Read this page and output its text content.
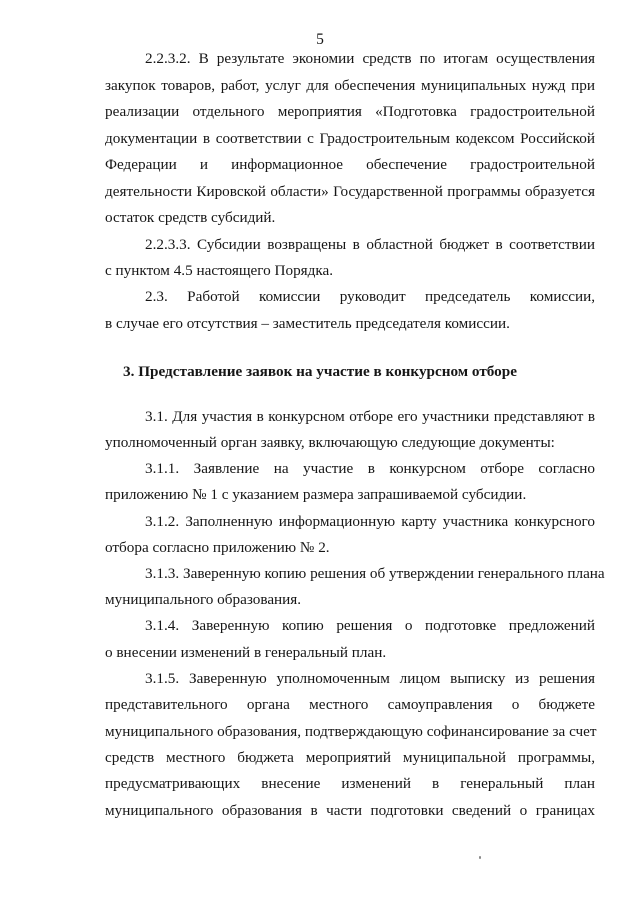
5
2.2.3.2. В результате экономии средств по итогам осуществления
закупок товаров, работ, услуг для обеспечения муниципальных нужд при
реализации отдельного мероприятия «Подготовка градостроительной
документации в соответствии с Градостроительным кодексом Российской
Федерации и информационное обеспечение градостроительной
деятельности Кировской области» Государственной программы образуется
остаток средств субсидий.
2.2.3.3. Субсидии возвращены в областной бюджет в соответствии
с пунктом 4.5 настоящего Порядка.
2.3. Работой комиссии руководит председатель комиссии,
в случае его отсутствия – заместитель председателя комиссии.
3. Представление заявок на участие в конкурсном отборе
3.1. Для участия в конкурсном отборе его участники представляют в
уполномоченный орган заявку, включающую следующие документы:
3.1.1. Заявление на участие в конкурсном отборе согласно
приложению № 1 с указанием размера запрашиваемой субсидии.
3.1.2. Заполненную информационную карту участника конкурсного
отбора согласно приложению № 2.
3.1.3. Заверенную копию решения об утверждении генерального плана
муниципального образования.
3.1.4. Заверенную копию решения о подготовке предложений
о внесении изменений в генеральный план.
3.1.5. Заверенную уполномоченным лицом выписку из решения
представительного органа местного самоуправления о бюджете
муниципального образования, подтверждающую софинансирование за счет
средств местного бюджета мероприятий муниципальной программы,
предусматривающих внесение изменений в генеральный план
муниципального образования в части подготовки сведений о границах
